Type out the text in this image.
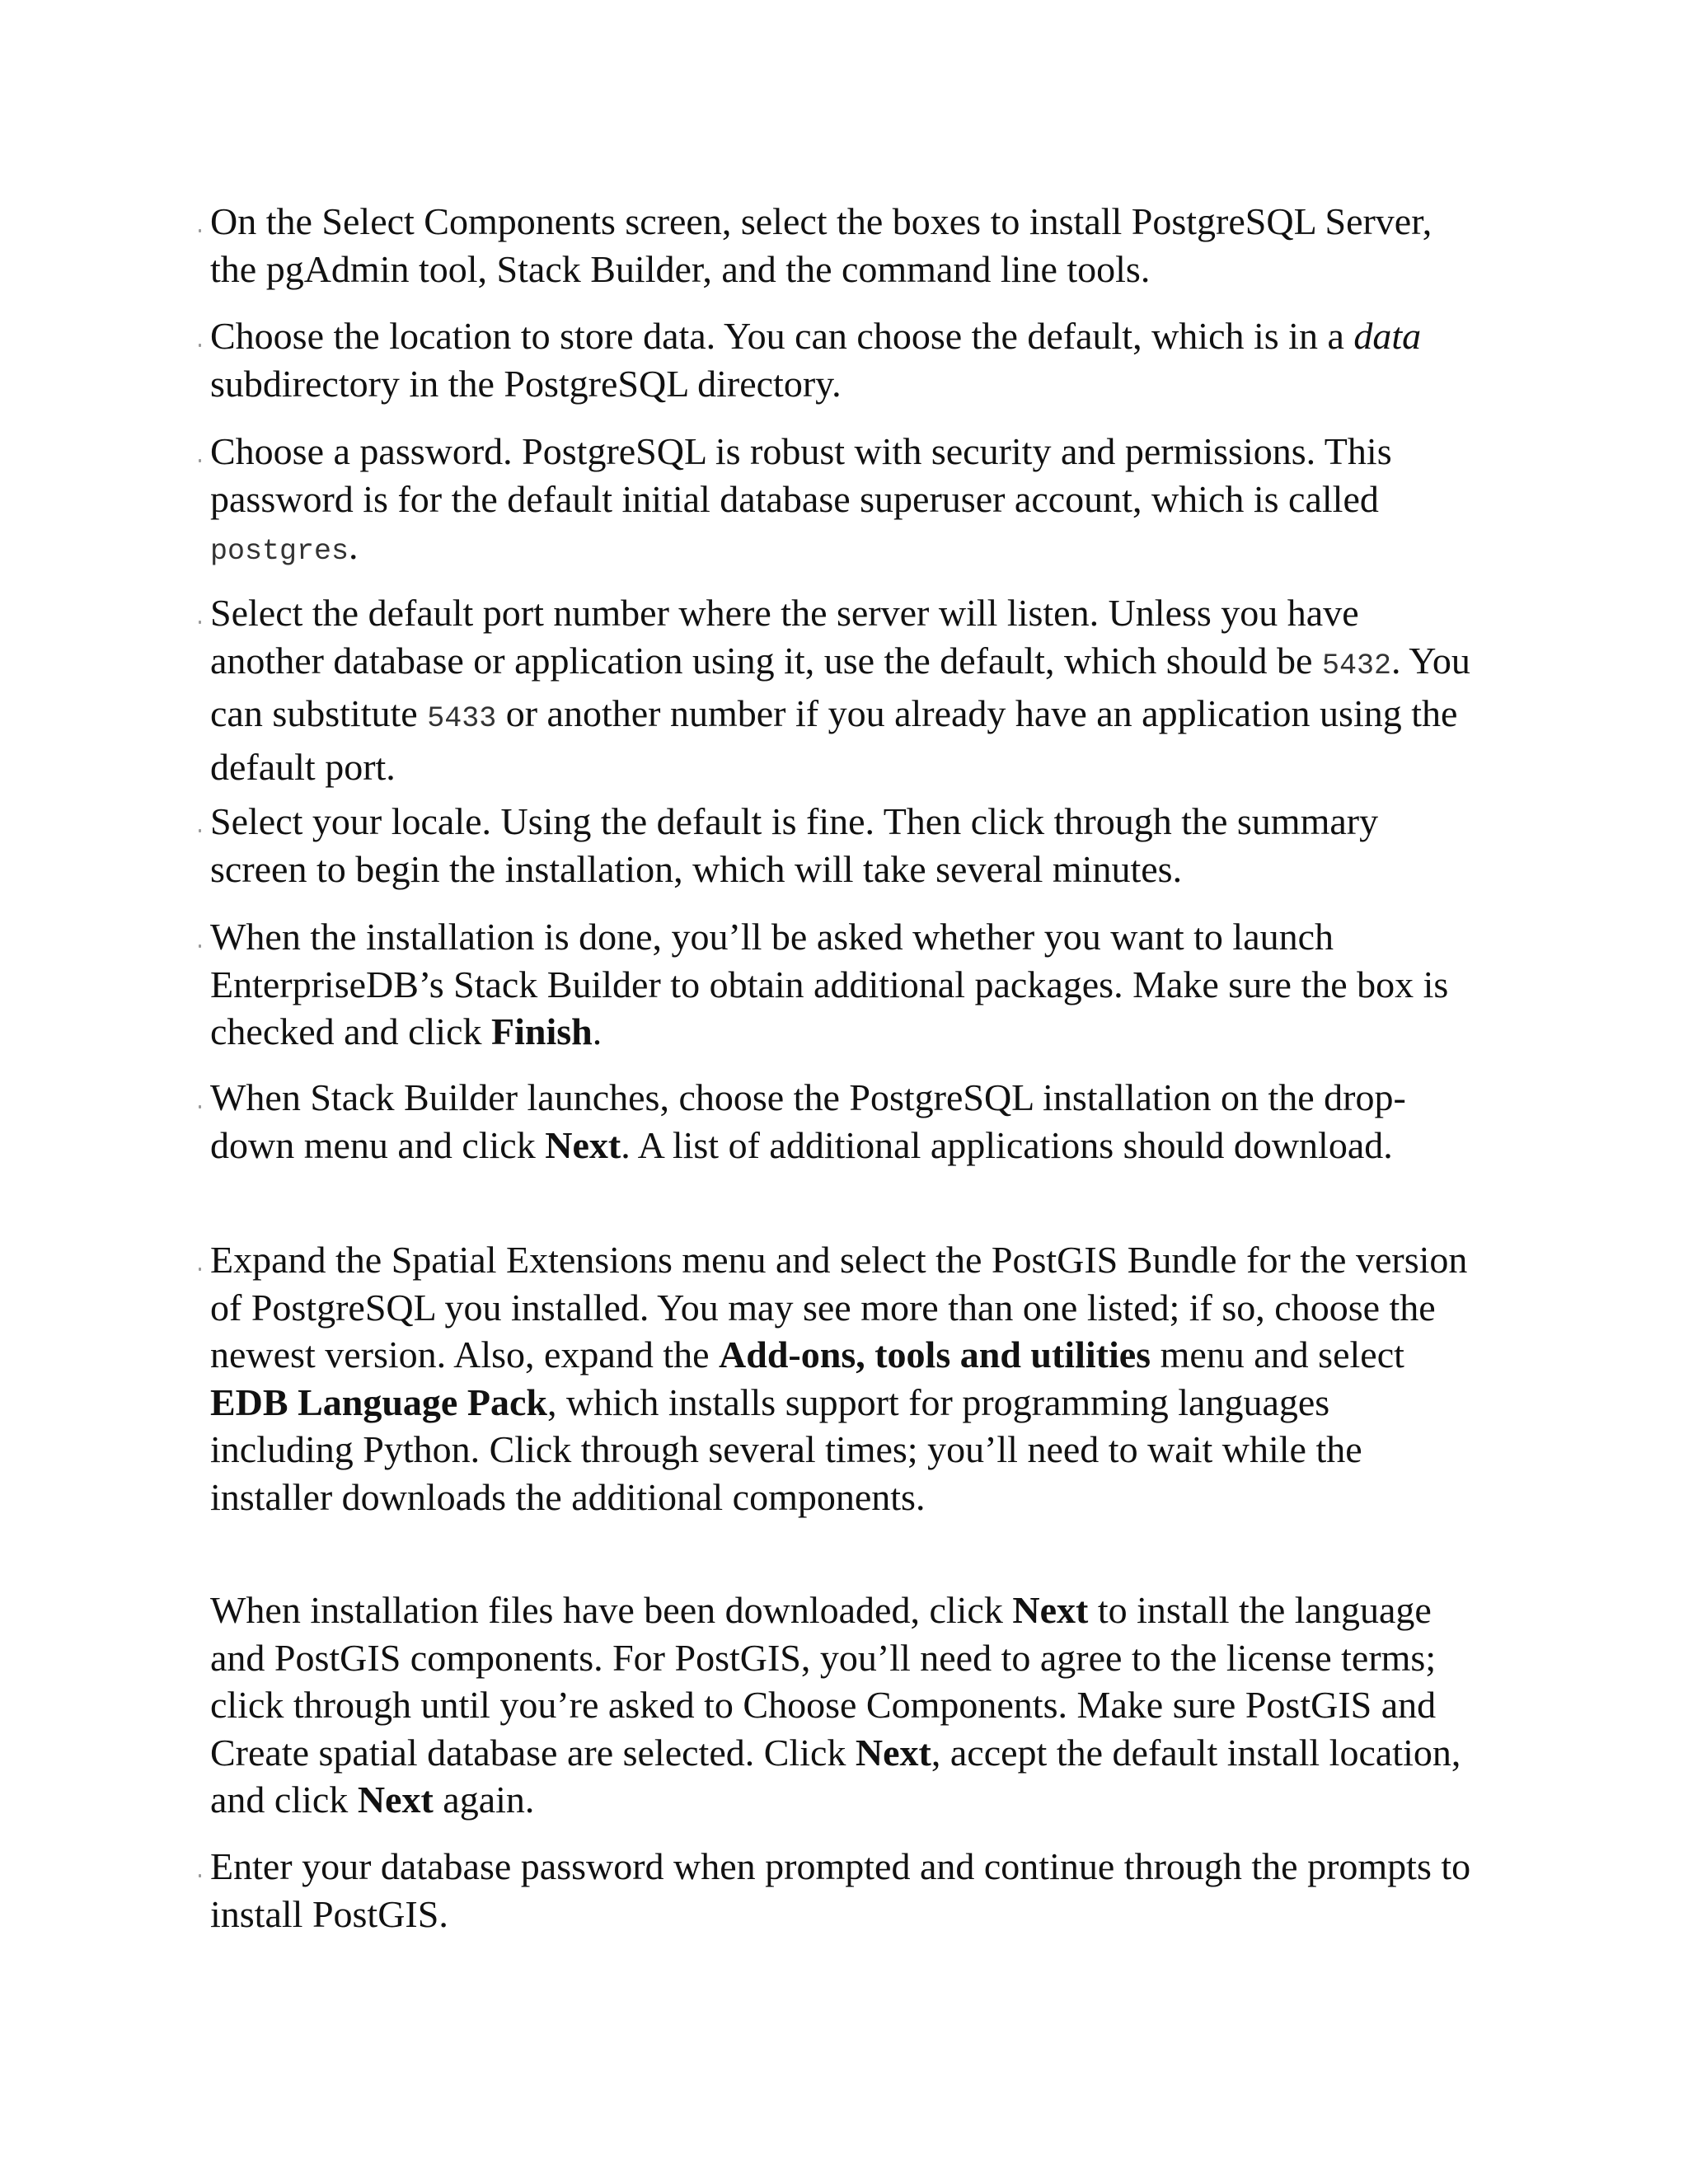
On the Select Components screen, select the boxes to install PostgreSQL Server, the pgAdmin tool, Stack Builder, and the command line tools.

Choose the location to store data. You can choose the default, which is in a data subdirectory in the PostgreSQL directory.

Choose a password. PostgreSQL is robust with security and permissions. This password is for the default initial database superuser account, which is called postgres.

Select the default port number where the server will listen. Unless you have another database or application using it, use the default, which should be 5432. You can substitute 5433 or another number if you already have an application using the default port.

Select your locale. Using the default is fine. Then click through the summary screen to begin the installation, which will take several minutes.

When the installation is done, you’ll be asked whether you want to launch EnterpriseDB’s Stack Builder to obtain additional packages. Make sure the box is checked and click Finish.

When Stack Builder launches, choose the PostgreSQL installation on the drop-down menu and click Next. A list of additional applications should download.

Expand the Spatial Extensions menu and select the PostGIS Bundle for the version of PostgreSQL you installed. You may see more than one listed; if so, choose the newest version. Also, expand the Add-ons, tools and utilities menu and select EDB Language Pack, which installs support for programming languages including Python. Click through several times; you’ll need to wait while the installer downloads the additional components.

When installation files have been downloaded, click Next to install the language and PostGIS components. For PostGIS, you’ll need to agree to the license terms; click through until you’re asked to Choose Components. Make sure PostGIS and Create spatial database are selected. Click Next, accept the default install location, and click Next again.

Enter your database password when prompted and continue through the prompts to install PostGIS.
